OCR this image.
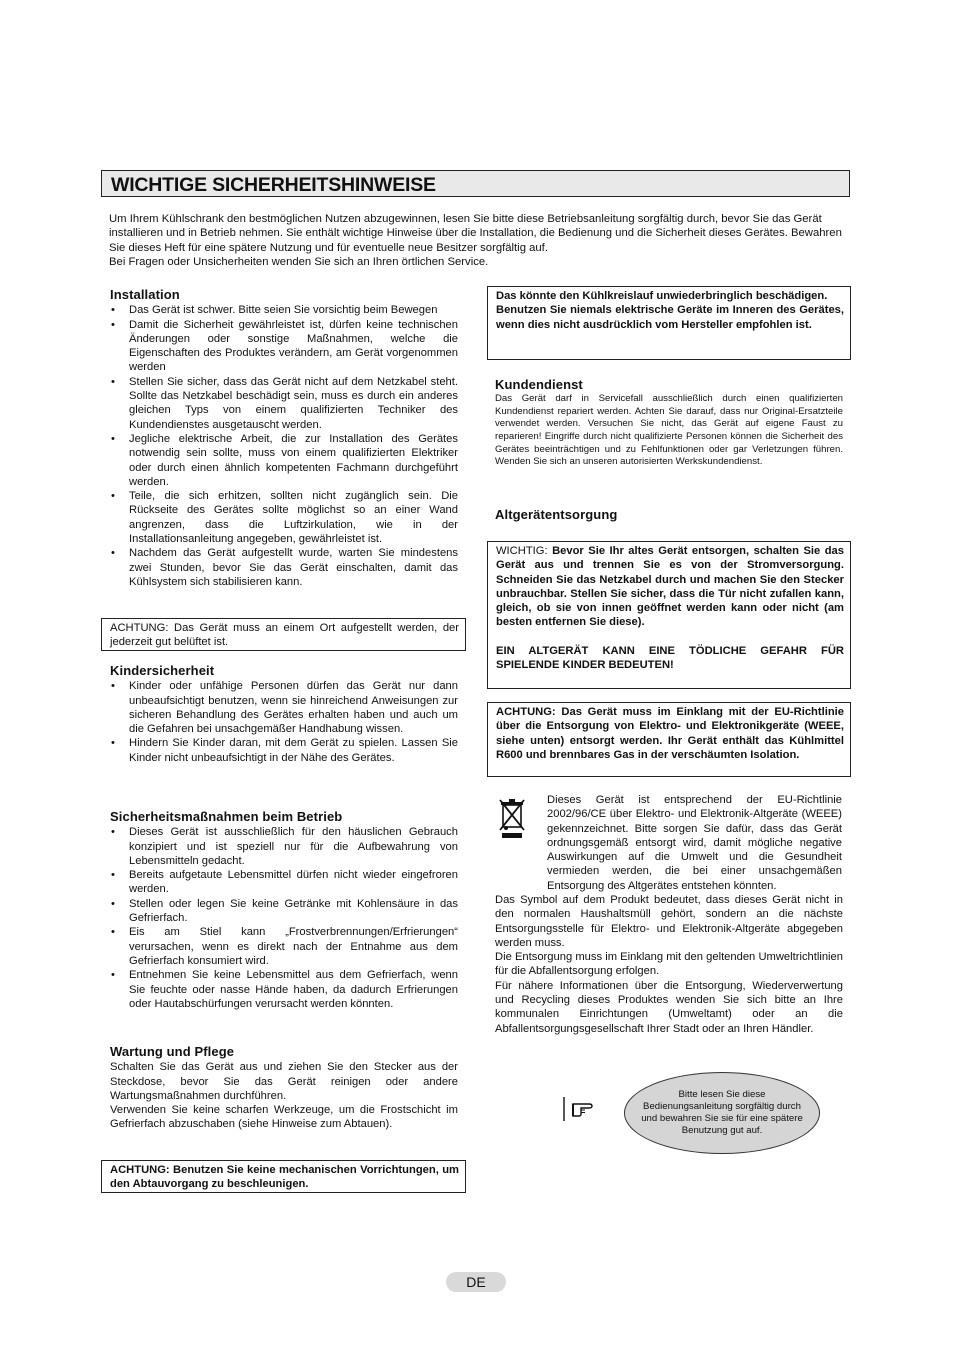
WICHTIGE SICHERHEITSHINWEISE

Um Ihrem Kühlschrank den bestmöglichen Nutzen abzugewinnen, lesen Sie bitte diese Betriebsanleitung sorgfältig durch, bevor Sie das Gerät installieren und in Betrieb nehmen. Sie enthält wichtige Hinweise über die Installation, die Bedienung und die Sicherheit dieses Gerätes. Bewahren Sie dieses Heft für eine spätere Nutzung und für eventuelle neue Besitzer sorgfältig auf.

Bei Fragen oder Unsicherheiten wenden Sie sich an Ihren örtlichen Service.

Installation
• Das Gerät ist schwer. Bitte seien Sie vorsichtig beim Bewegen
• Damit die Sicherheit gewährleistet ist, dürfen keine technischen Änderungen oder sonstige Maßnahmen, welche die Eigenschaften des Produktes verändern, am Gerät vorgenommen werden
• Stellen Sie sicher, dass das Gerät nicht auf dem Netzkabel steht. Sollte das Netzkabel beschädigt sein, muss es durch ein anderes gleichen Typs von einem qualifizierten Techniker des Kundendienstes ausgetauscht werden.
• Jegliche elektrische Arbeit, die zur Installation des Gerätes notwendig sein sollte, muss von einem qualifizierten Elektriker oder durch einen ähnlich kompetenten Fachmann durchgeführt werden.
• Teile, die sich erhitzen, sollten nicht zugänglich sein. Die Rückseite des Gerätes sollte möglichst so an einer Wand angrenzen, dass die Luftzirkulation, wie in der Installationsanleitung angegeben, gewährleistet ist.
• Nachdem das Gerät aufgestellt wurde, warten Sie mindestens zwei Stunden, bevor Sie das Gerät einschalten, damit das Kühlsystem sich stabilisieren kann.

ACHTUNG: Das Gerät muss an einem Ort aufgestellt werden, der jederzeit gut belüftet ist.

Kindersicherheit
• Kinder oder unfähige Personen dürfen das Gerät nur dann unbeaufsichtigt benutzen, wenn sie hinreichend Anweisungen zur sicheren Behandlung des Gerätes erhalten haben und auch um die Gefahren bei unsachgemäßer Handhabung wissen.
• Hindern Sie Kinder daran, mit dem Gerät zu spielen. Lassen Sie Kinder nicht unbeaufsichtigt in der Nähe des Gerätes.
Sicherheitsmaßnahmen beim Betrieb
• Dieses Gerät ist ausschließlich für den häuslichen Gebrauch konzipiert und ist speziell nur für die Aufbewahrung von Lebensmitteln gedacht.
• Bereits aufgetaute Lebensmittel dürfen nicht wieder eingefroren werden.
• Stellen oder legen Sie keine Getränke mit Kohlensäure in das Gefrierfach.
• Eis am Stiel kann „Frostverbrennungen/Erfrierungen“ verursachen, wenn es direkt nach der Entnahme aus dem Gefrierfach konsumiert wird.
• Entnehmen Sie keine Lebensmittel aus dem Gefrierfach, wenn Sie feuchte oder nasse Hände haben, da dadurch Erfrierungen oder Hautabschürfungen verursacht werden könnten.
Wartung und Pflege

Schalten Sie das Gerät aus und ziehen Sie den Stecker aus der Steckdose, bevor Sie das Gerät reinigen oder andere Wartungsmaßnahmen durchführen.

Verwenden Sie keine scharfen Werkzeuge, um die Frostschicht im Gefrierfach abzuschaben (siehe Hinweise zum Abtauen).

ACHTUNG: Benutzen Sie keine mechanischen Vorrichtungen, um den Abtauvorgang zu beschleunigen.

Das könnte den Kühlkreislauf unwiederbringlich beschädigen.

Benutzen Sie niemals elektrische Geräte im Inneren des Gerätes, wenn dies nicht ausdrücklich vom Hersteller empfohlen ist.

Kundendienst

Das Gerät darf in Servicefall ausschließlich durch einen qualifizierten Kundendienst repariert werden. Achten Sie darauf, dass nur Original-Ersatzteile verwendet werden. Versuchen Sie nicht, das Gerät auf eigene Faust zu reparieren! Eingriffe durch nicht qualifizierte Personen können die Sicherheit des Gerätes beeinträchtigen und zu Fehlfunktionen oder gar Verletzungen führen. Wenden Sie sich an unseren autorisierten Werkskundendienst.

Altgerätentsorgung

WICHTIG: Bevor Sie Ihr altes Gerät entsorgen, schalten Sie das Gerät aus und trennen Sie es von der Stromversorgung. Schneiden Sie das Netzkabel durch und machen Sie den Stecker unbrauchbar. Stellen Sie sicher, dass die Tür nicht zufallen kann, gleich, ob sie von innen geöffnet werden kann oder nicht (am besten entfernen Sie diese).

EIN ALTGERÄT KANN EINE TÖDLICHE GEFAHR FÜR SPIELENDE KINDER BEDEUTEN!

ACHTUNG: Das Gerät muss im Einklang mit der EU-Richtlinie über die Entsorgung von Elektro- und Elektronikgeräte (WEEE, siehe unten) entsorgt werden. Ihr Gerät enthält das Kühlmittel R600 und brennbares Gas in der verschäumten Isolation.

Dieses Gerät ist entsprechend der EU-Richtlinie 2002/96/CE über Elektro- und Elektronik-Altgeräte (WEEE) gekennzeichnet. Bitte sorgen Sie dafür, dass das Gerät ordnungsgemäß entsorgt wird, damit mögliche negative Auswirkungen auf die Umwelt und die Gesundheit vermieden werden, die bei einer unsachgemäßen Entsorgung des Altgerätes entstehen könnten.

Das Symbol auf dem Produkt bedeutet, dass dieses Gerät nicht in den normalen Haushaltsmüll gehört, sondern an die nächste Entsorgungsstelle für Elektro- und Elektronik-Altgeräte abgegeben werden muss.

Die Entsorgung muss im Einklang mit den geltenden Umweltrichtlinien für die Abfallentsorgung erfolgen.

Für nähere Informationen über die Entsorgung, Wiederverwertung und Recycling dieses Produktes wenden Sie sich bitte an Ihre kommunalen Einrichtungen (Umweltamt) oder an die Abfallentsorgungsgesellschaft Ihrer Stadt oder an Ihren Händler.

Bitte lesen Sie diese Bedienungsanleitung sorgfältig durch und bewahren Sie sie für eine spätere Benutzung gut auf.
DE
